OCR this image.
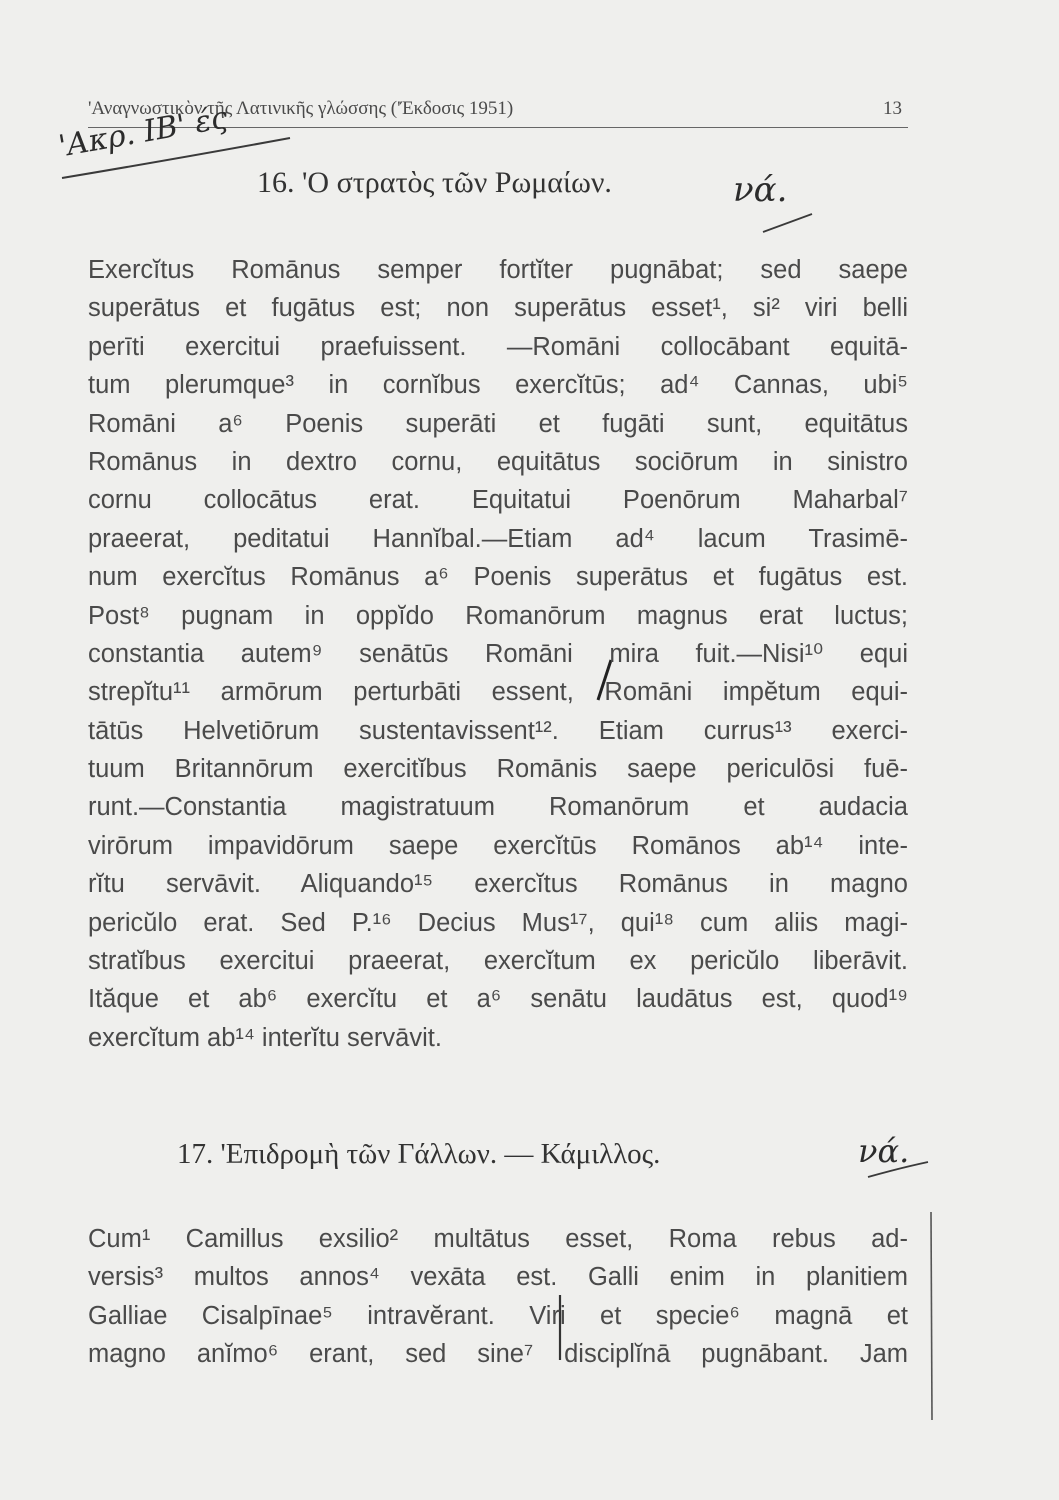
'Αναγνωστικὸν τῆς Λατινικῆς γλώσσης ('Έκδοσις 1951)	13
'Ακρ. ΙΒ' ές
νά.
νά.
16. 'Ο στρατὸς τῶν Ρωμαίων.
Exercĭtus Romānus semper fortĭter pugnābat; sed saepe
superātus et fugātus est; non superātus esset¹, si² viri belli
perīti exercitui praefuissent. —Romāni collocābant equitā-
tum plerumque³ in cornĭbus exercĭtūs; ad⁴ Cannas, ubi⁵
Romāni a⁶ Poenis superāti et fugāti sunt, equitātus
Romānus in dextro cornu, equitātus sociōrum in sinistro
cornu collocātus erat. Equitatui Poenōrum Maharbal⁷
praeerat, peditatui Hannĭbal.—Etiam ad⁴ lacum Trasimē-
num exercĭtus Romānus a⁶ Poenis superātus et fugātus est.
Post⁸ pugnam in oppĭdo Romanōrum magnus erat luctus;
constantia autem⁹ senātūs Romāni mira fuit.—Nisi¹⁰ equi
strepĭtu¹¹ armōrum perturbāti essent, Romāni impĕtum equi-
tātūs Helvetiōrum sustentavissent¹². Etiam currus¹³ exerci-
tuum Britannōrum exercitĭbus Romānis saepe periculōsi fuē-
runt.—Constantia magistratuum Romanōrum et audacia
virōrum impavidōrum saepe exercĭtūs Romānos ab¹⁴ inte-
rĭtu servāvit. Aliquando¹⁵ exercĭtus Romānus in magno
pericŭlo erat. Sed P.¹⁶ Decius Mus¹⁷, qui¹⁸ cum aliis magi-
stratĭbus exercitui praeerat, exercĭtum ex pericŭlo liberāvit.
Ităque et ab⁶ exercĭtu et a⁶ senātu laudātus est, quod¹⁹
exercĭtum ab¹⁴ interĭtu servāvit.
17. 'Επιδρομὴ τῶν Γάλλων. — Κάμιλλος.
Cum¹ Camillus exsilio² multātus esset, Roma rebus ad-
versis³ multos annos⁴ vexāta est. Galli enim in planitiem
Galliae Cisalpīnae⁵ intravĕrant. Viri et specie⁶ magnā et
magno anĭmo⁶ erant, sed sine⁷ disciplĭnā pugnābant. Jam
